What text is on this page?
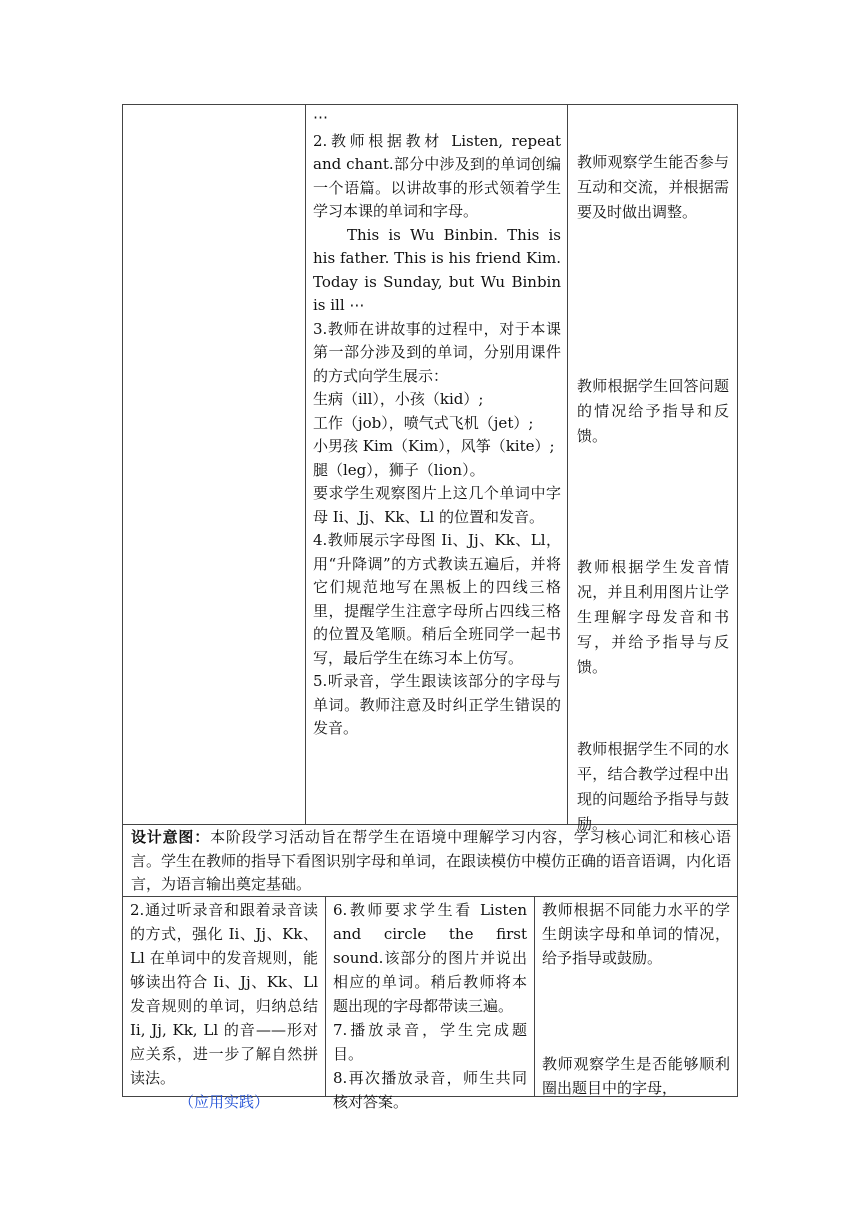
⋯

2.教师根据教材 Listen, repeat and chant.部分中涉及到的单词创编一个语篇。以讲故事的形式领着学生学习本课的单词和字母。

This is Wu Binbin. This is his father. This is his friend Kim. Today is Sunday, but Wu Binbin is ill ⋯

3.教师在讲故事的过程中，对于本课第一部分涉及到的单词，分别用课件的方式向学生展示：

生病（ill），小孩（kid）;

工作（job），喷气式飞机（jet）;

小男孩 Kim（Kim），风筝（kite）;

腿（leg），狮子（lion）。

要求学生观察图片上这几个单词中字母 Ii、Jj、Kk、Ll 的位置和发音。

4.教师展示字母图 Ii、Jj、Kk、Ll，用“升降调”的方式教读五遍后，并将它们规范地写在黑板上的四线三格里，提醒学生注意字母所占四线三格的位置及笔顺。稍后全班同学一起书写，最后学生在练习本上仿写。

5.听录音，学生跟读该部分的字母与单词。教师注意及时纠正学生错误的发音。

教师观察学生能否参与互动和交流，并根据需要及时做出调整。
教师根据学生回答问题的情况给予指导和反馈。
教师根据学生发音情况，并且利用图片让学生理解字母发音和书写，并给予指导与反馈。
教师根据学生不同的水平，结合教学过程中出现的问题给予指导与鼓励。
设计意图：本阶段学习活动旨在帮学生在语境中理解学习内容，学习核心词汇和核心语言。学生在教师的指导下看图识别字母和单词，在跟读模仿中模仿正确的语音语调，内化语言，为语言输出奠定基础。

2.通过听录音和跟着录音读的方式，强化 Ii、Jj、Kk、Ll 在单词中的发音规则，能够读出符合 Ii、Jj、Kk、Ll 发音规则的单词，归纳总结 Ii, Jj, Kk, Ll 的音——形对应关系，进一步了解自然拼读法。

（应用实践）

6.教师要求学生看 Listen and circle the first sound.该部分的图片并说出相应的单词。稍后教师将本题出现的字母都带读三遍。

7.播放录音，学生完成题目。

8.再次播放录音，师生共同核对答案。

教师根据不同能力水平的学生朗读字母和单词的情况，给予指导或鼓励。
教师观察学生是否能够顺利圈出题目中的字母，
